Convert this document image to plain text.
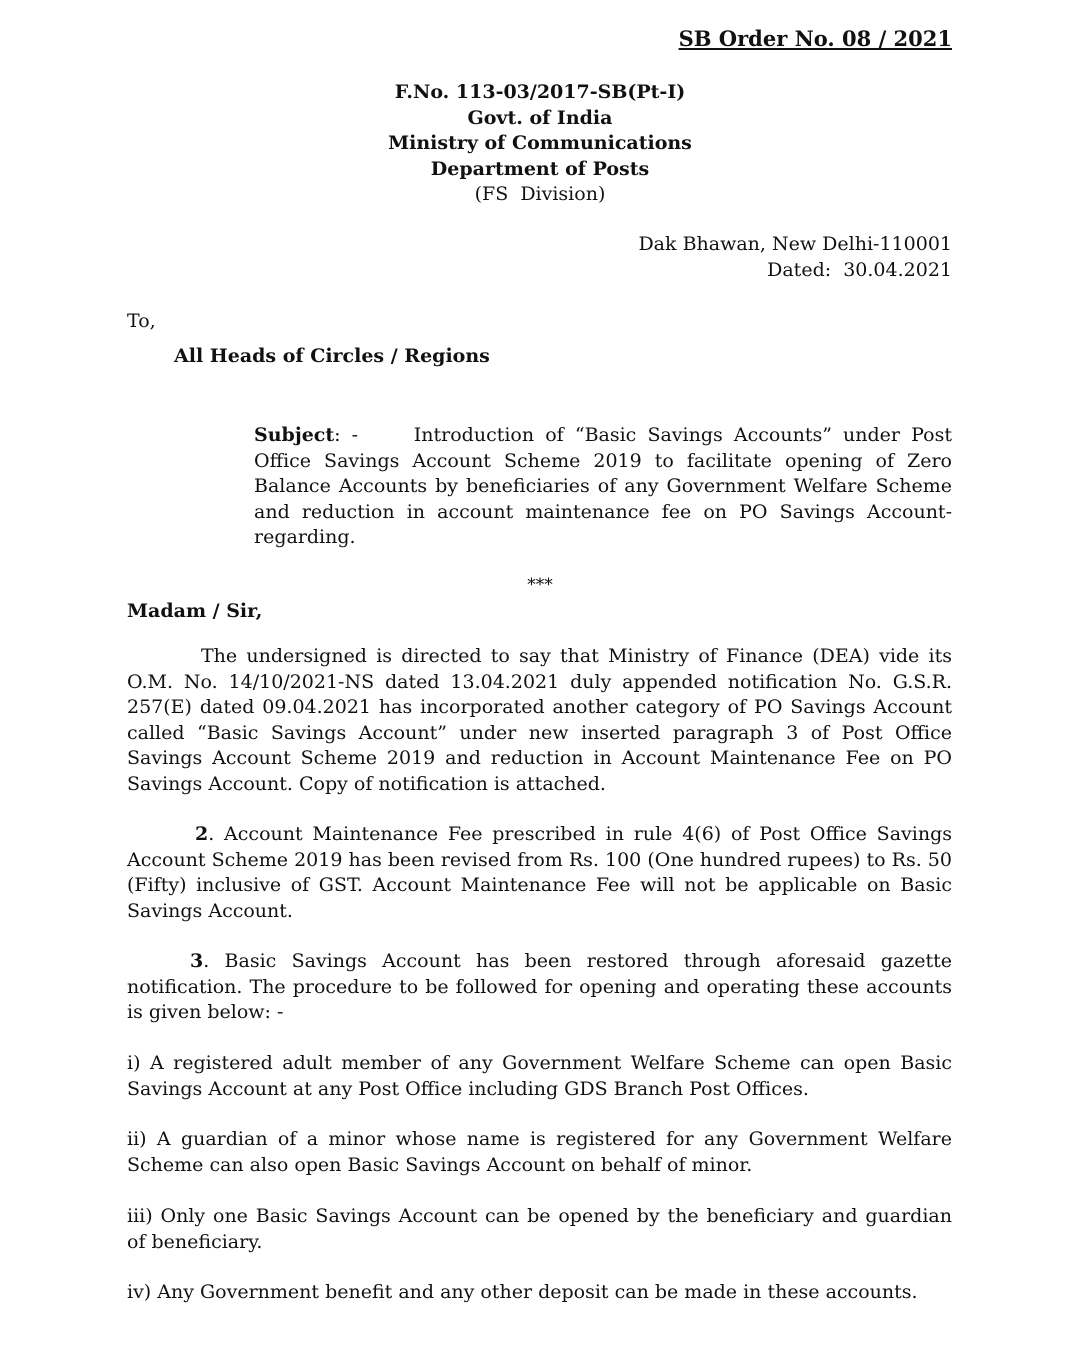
SB Order No. 08 / 2021
F.No. 113-03/2017-SB(Pt-I)
Govt. of India
Ministry of Communications
Department of Posts
(FS  Division)
Dak Bhawan, New Delhi-110001
Dated:  30.04.2021
To,
All Heads of Circles / Regions
Subject: -     Introduction of “Basic Savings Accounts” under Post Office Savings Account Scheme 2019 to facilitate opening of Zero Balance Accounts by beneficiaries of any Government Welfare Scheme and reduction in account maintenance fee on PO Savings Account- regarding.
***
Madam / Sir,
The undersigned is directed to say that Ministry of Finance (DEA) vide its O.M. No. 14/10/2021-NS dated 13.04.2021 duly appended notification No. G.S.R. 257(E) dated 09.04.2021 has incorporated another category of PO Savings Account called “Basic Savings Account” under new inserted paragraph 3 of Post Office Savings Account Scheme 2019 and reduction in Account Maintenance Fee on PO Savings Account. Copy of notification is attached.
2. Account Maintenance Fee prescribed in rule 4(6) of Post Office Savings Account Scheme 2019 has been revised from Rs. 100 (One hundred rupees) to Rs. 50 (Fifty) inclusive of GST. Account Maintenance Fee will not be applicable on Basic Savings Account.
3. Basic Savings Account has been restored through aforesaid gazette notification. The procedure to be followed for opening and operating these accounts is given below: -
i) A registered adult member of any Government Welfare Scheme can open Basic Savings Account at any Post Office including GDS Branch Post Offices.
ii) A guardian of a minor whose name is registered for any Government Welfare Scheme can also open Basic Savings Account on behalf of minor.
iii) Only one Basic Savings Account can be opened by the beneficiary and guardian of beneficiary.
iv) Any Government benefit and any other deposit can be made in these accounts.
